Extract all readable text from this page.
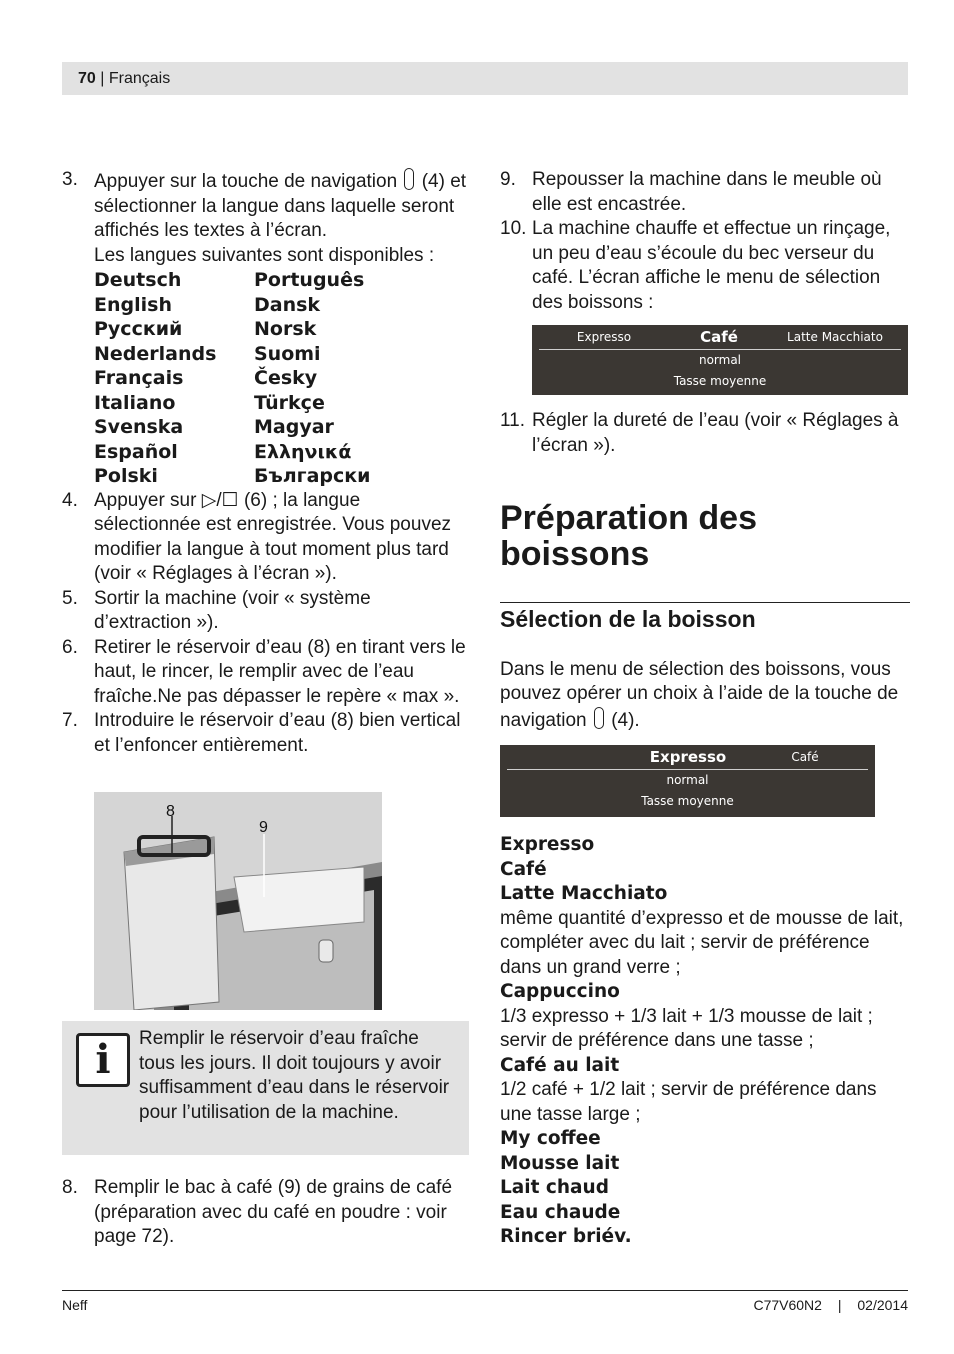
70 | Français
3. Appuyer sur la touche de navigation (4) et sélectionner la langue dans laquelle seront affichés les textes à l’écran.
Les langues suivantes sont disponibles :
Deutsch	Português
English	Dansk
Русский	Norsk
Nederlands	Suomi
Français	Česky
Italiano	Türkçe
Svenska	Magyar
Español	Ελληνικά
Polski	Български
4. Appuyer sur ▷/☐ (6) ; la langue sélectionnée est enregistrée. Vous pouvez modifier la langue à tout moment plus tard (voir « Réglages à l’écran »).
5. Sortir la machine (voir « système d’extraction »).
6. Retirer le réservoir d’eau (8) en tirant vers le haut, le rincer, le remplir avec de l’eau fraîche.Ne pas dépasser le repère « max ».
7. Introduire le réservoir d’eau (8) bien vertical et l’enfoncer entièrement.
8
9
i	Remplir le réservoir d’eau fraîche tous les jours. Il doit toujours y avoir suffisamment d’eau dans le réservoir pour l’utilisation de la machine.
8. Remplir le bac à café (9) de grains de café (préparation avec du café en poudre : voir page 72).
9. Repousser la machine dans le meuble où elle est encastrée.
10. La machine chauffe et effectue un rinçage, un peu d’eau s’écoule du bec verseur du café. L’écran affiche le menu de sélection des boissons :
Expresso	Café	Latte Macchiato
normal
Tasse moyenne
11. Régler la dureté de l’eau (voir « Réglages à l’écran »).
Préparation des boissons
Sélection de la boisson

Dans le menu de sélection des boissons, vous pouvez opérer un choix à l’aide de la touche de navigation (4).

Expresso	Café
normal
Tasse moyenne
Expresso
Café
Latte Macchiato
même quantité d’expresso et de mousse de lait, compléter avec du lait ; servir de préférence dans un grand verre ;
Cappuccino
1/3 expresso + 1/3 lait + 1/3 mousse de lait ; servir de préférence dans une tasse ;
Café au lait
1/2 café + 1/2 lait ; servir de préférence dans une tasse large ;
My coffee
Mousse lait
Lait chaud
Eau chaude
Rincer briév.
Neff	C77V60N2 | 02/2014
